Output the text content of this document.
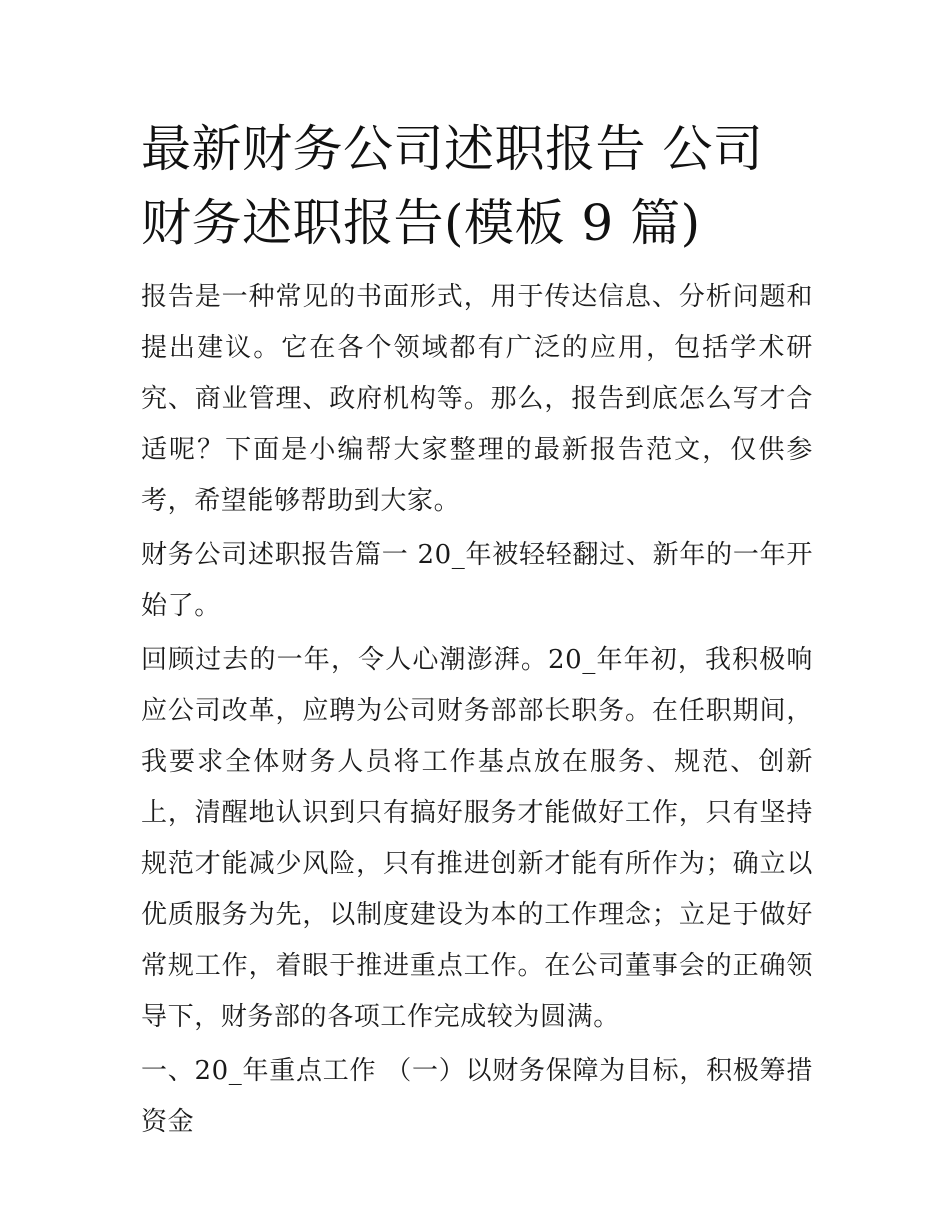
最新财务公司述职报告 公司财务述职报告(模板 9 篇)

报告是一种常见的书面形式，用于传达信息、分析问题和提出建议。它在各个领域都有广泛的应用，包括学术研究、商业管理、政府机构等。那么，报告到底怎么写才合适呢？下面是小编帮大家整理的最新报告范文，仅供参考，希望能够帮助到大家。

财务公司述职报告篇一 20_年被轻轻翻过、新年的一年开始了。

回顾过去的一年，令人心潮澎湃。20_年年初，我积极响应公司改革，应聘为公司财务部部长职务。在任职期间，我要求全体财务人员将工作基点放在服务、规范、创新上，清醒地认识到只有搞好服务才能做好工作，只有坚持规范才能减少风险，只有推进创新才能有所作为；确立以优质服务为先，以制度建设为本的工作理念；立足于做好常规工作，着眼于推进重点工作。在公司董事会的正确领导下，财务部的各项工作完成较为圆满。

一、20_年重点工作 （一）以财务保障为目标，积极筹措资金
